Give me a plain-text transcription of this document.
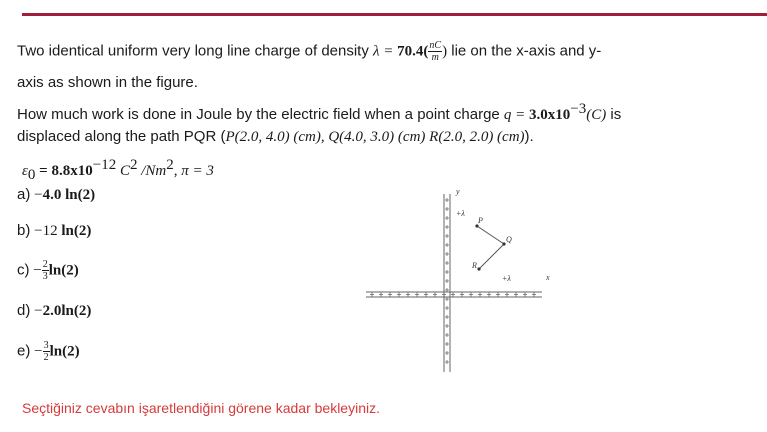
Two identical uniform very long line charge of density $\lambda = 70.4( \frac{nC}{m}$ ) lie on the x-axis and y-
axis as shown in the figure.
How much work is done in Joule by the electric field when a point charge $q = 3.0x10^{-3}(C)$ is
displaced along the path PQR (P(2.0, 4.0) (cm), Q(4.0, 3.0) (cm) R(2.0, 2.0) (cm)).
$\varepsilon_0 = 8.8x10^{-12}$ $C^2$ /Nm$^2$, π = 3
a) −4.0 ln(2)
b) −12 ln(2)
$c) - \frac{2}{3} \ln(2)$
d) −2.0ln(2)
$e) - \frac{3}{2} \ln(2)$
y
x
+λ
+λ
P
Q
R
Seçtiğiniz cevabın işaretlendiğini görene kadar bekleyiniz.
